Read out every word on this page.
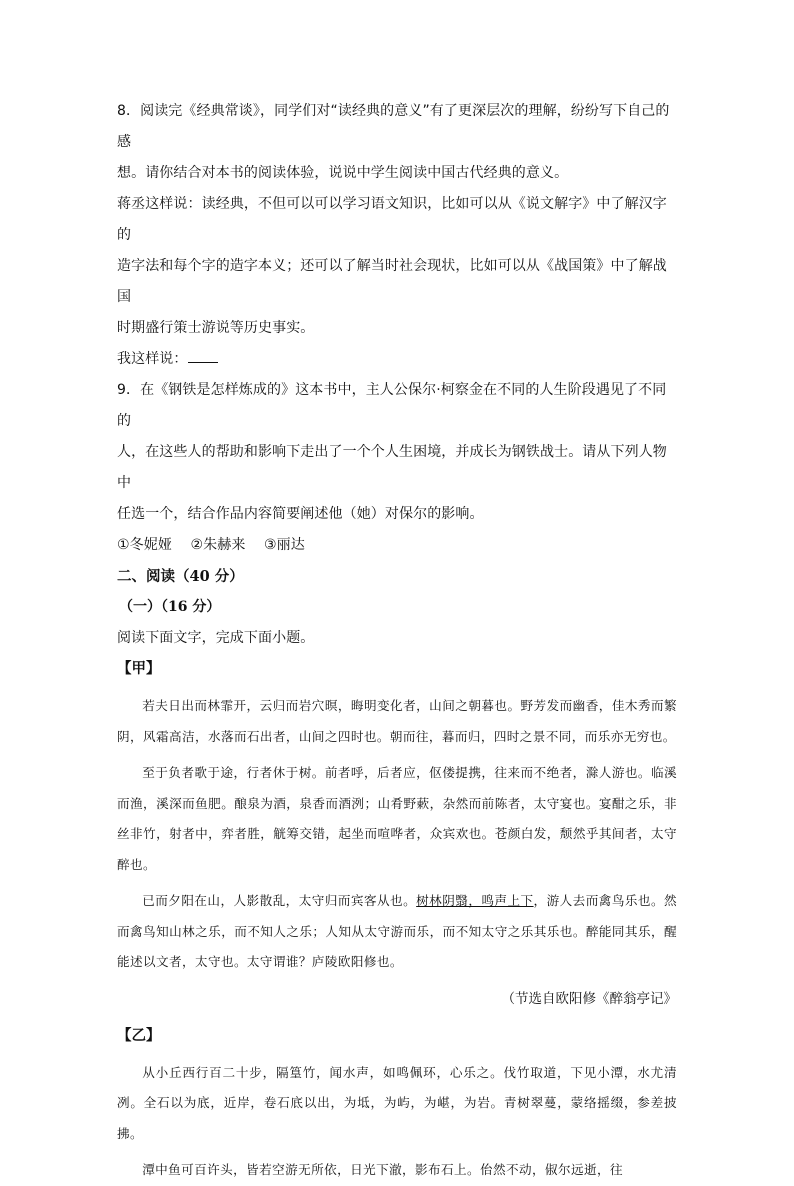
8．阅读完《经典常谈》，同学们对“读经典的意义”有了更深层次的理解，纷纷写下自己的感

想。请你结合对本书的阅读体验，说说中学生阅读中国古代经典的意义。

蒋丞这样说：读经典，不但可以可以学习语文知识，比如可以从《说文解字》中了解汉字的

造字法和每个字的造字本义；还可以了解当时社会现状，比如可以从《战国策》中了解战国

时期盛行策士游说等历史事实。

我这样说：

9．在《钢铁是怎样炼成的》这本书中，主人公保尔·柯察金在不同的人生阶段遇见了不同的

人，在这些人的帮助和影响下走出了一个个人生困境，并成长为钢铁战士。请从下列人物中

任选一个，结合作品内容简要阐述他（她）对保尔的影响。

①冬妮娅 ②朱赫来 ③丽达

二、阅读（40 分）

（一）（16 分）

阅读下面文字，完成下面小题。

【甲】

若夫日出而林霏开，云归而岩穴暝，晦明变化者，山间之朝暮也。野芳发而幽香，佳木秀而繁阴，风霜高洁，水落而石出者，山间之四时也。朝而往，暮而归，四时之景不同，而乐亦无穷也。

至于负者歌于途，行者休于树。前者呼，后者应，伛偻提携，往来而不绝者，滁人游也。临溪而渔，溪深而鱼肥。酿泉为酒，泉香而酒洌；山肴野蔌，杂然而前陈者，太守宴也。宴酣之乐，非丝非竹，射者中，弈者胜，觥筹交错，起坐而喧哗者，众宾欢也。苍颜白发，颓然乎其间者，太守醉也。

已而夕阳在山，人影散乱，太守归而宾客从也。树林阴翳，鸣声上下，游人去而禽鸟乐也。然而禽鸟知山林之乐，而不知人之乐；人知从太守游而乐，而不知太守之乐其乐也。醉能同其乐，醒能述以文者，太守也。太守谓谁？庐陵欧阳修也。

（节选自欧阳修《醉翁亭记》

【乙】

从小丘西行百二十步，隔篁竹，闻水声，如鸣佩环，心乐之。伐竹取道，下见小潭，水尤清冽。全石以为底，近岸，卷石底以出，为坻，为屿，为嵁，为岩。青树翠蔓，蒙络摇缀，参差披拂。

潭中鱼可百许头，皆若空游无所依，日光下澈，影布石上。佁然不动，俶尔远逝，往
